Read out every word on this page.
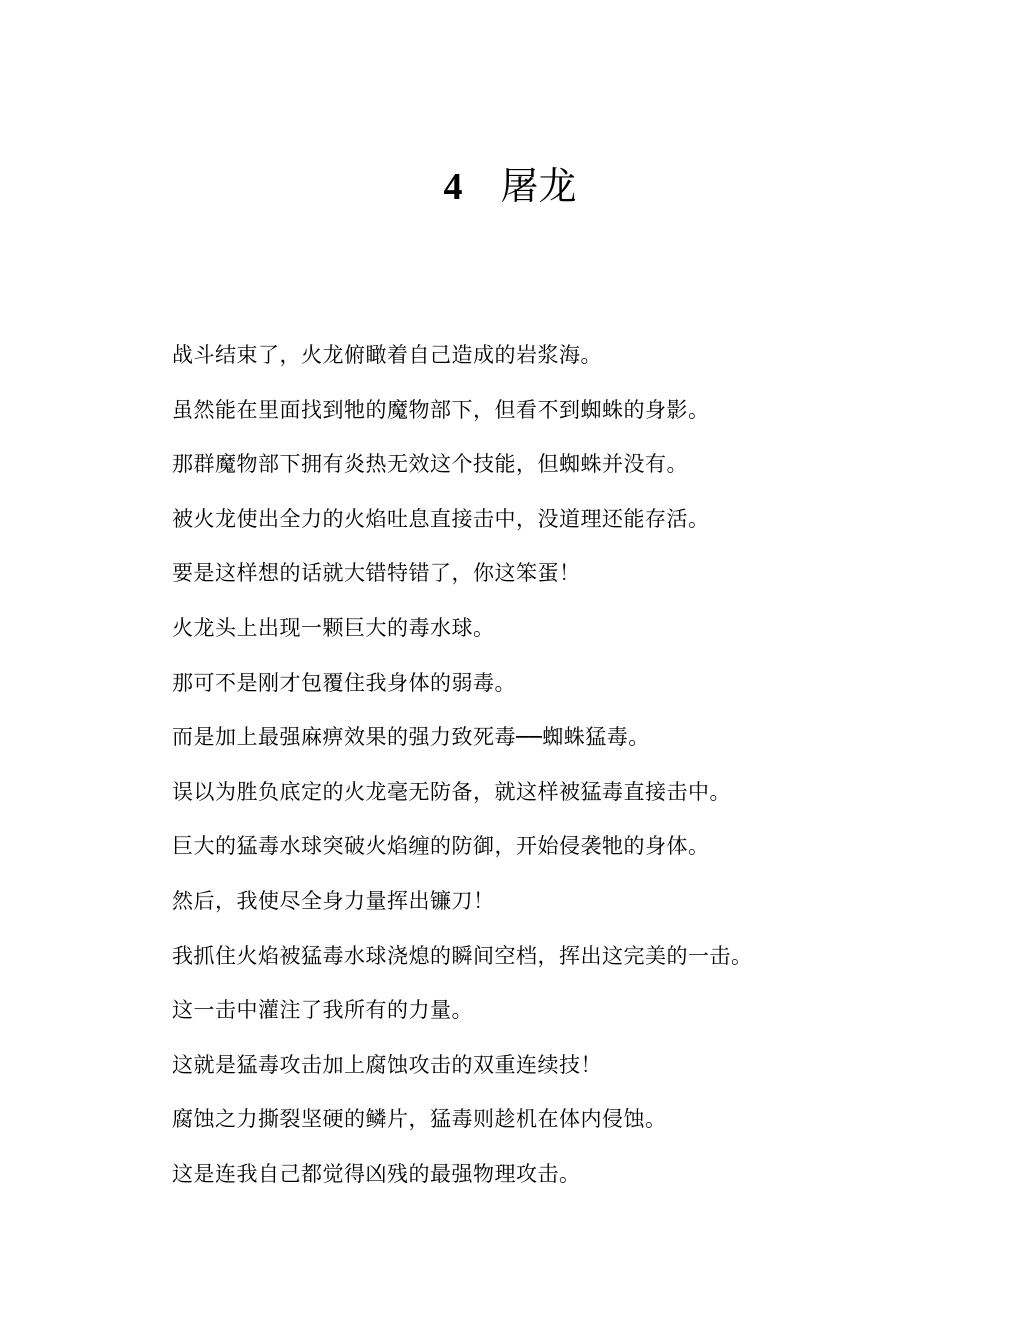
4 屠龙
战斗结束了，火龙俯瞰着自己造成的岩浆海。
虽然能在里面找到牠的魔物部下，但看不到蜘蛛的身影。
那群魔物部下拥有炎热无效这个技能，但蜘蛛并没有。
被火龙使出全力的火焰吐息直接击中，没道理还能存活。
要是这样想的话就大错特错了，你这笨蛋！
火龙头上出现一颗巨大的毒水球。
那可不是刚才包覆住我身体的弱毒。
而是加上最强麻痹效果的强力致死毒──蜘蛛猛毒。
误以为胜负底定的火龙毫无防备，就这样被猛毒直接击中。
巨大的猛毒水球突破火焰缠的防御，开始侵袭牠的身体。
然后，我使尽全身力量挥出镰刀！
我抓住火焰被猛毒水球浇熄的瞬间空档，挥出这完美的一击。
这一击中灌注了我所有的力量。
这就是猛毒攻击加上腐蚀攻击的双重连续技！
腐蚀之力撕裂坚硬的鳞片，猛毒则趁机在体内侵蚀。
这是连我自己都觉得凶残的最强物理攻击。
